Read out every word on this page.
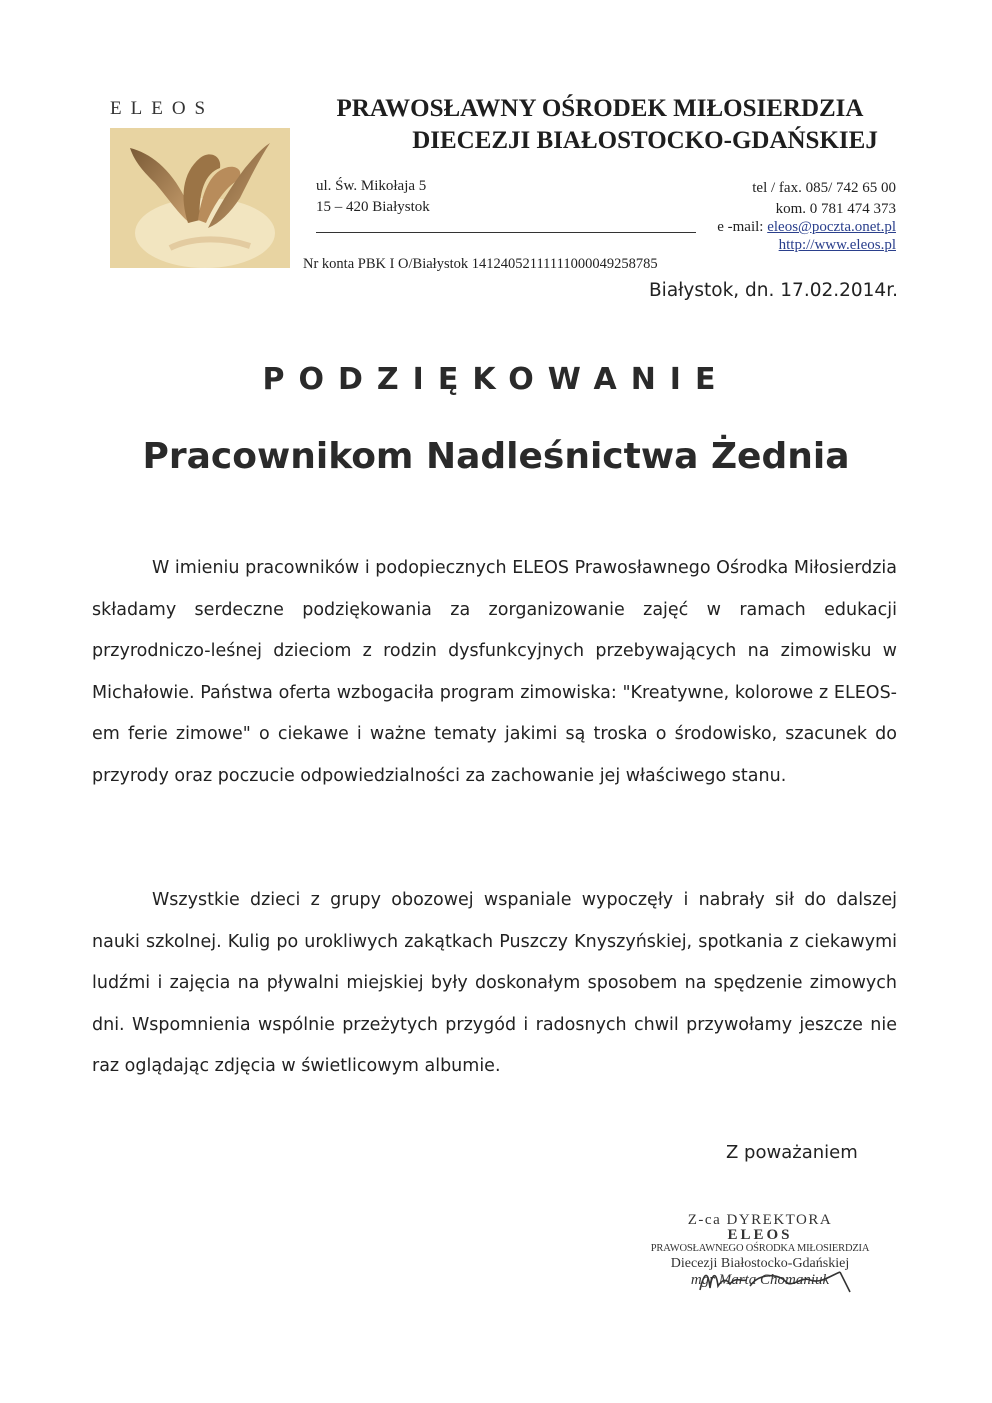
ELEOS	PRAWOSŁAWNY OŚRODEK MIŁOSIERDZIA
DIECEZJI BIAŁOSTOCKO-GDAŃSKIEJ
ul. Św. Mikołaja 5
15 – 420 Białystok
tel / fax. 085/ 742 65 00
kom. 0 781 474 373
e -mail: eleos@poczta.onet.pl
http://www.eleos.pl
Nr konta PBK I O/Białystok 14124052111111000049258785
Białystok, dn. 17.02.2014r.
PODZIĘKOWANIE
Pracownikom Nadleśnictwa Żednia
W imieniu pracowników i podopiecznych ELEOS Prawosławnego Ośrodka Miłosierdzia składamy serdeczne podziękowania za zorganizowanie zajęć w ramach edukacji przyrodniczo-leśnej dzieciom z rodzin dysfunkcyjnych przebywających na zimowisku w Michałowie. Państwa oferta wzbogaciła program zimowiska: "Kreatywne, kolorowe z ELEOS-em ferie zimowe" o ciekawe i ważne tematy jakimi są troska o środowisko, szacunek do przyrody oraz poczucie odpowiedzialności za zachowanie jej właściwego stanu.
Wszystkie dzieci z grupy obozowej wspaniale wypoczęły i nabrały sił do dalszej nauki szkolnej. Kulig po urokliwych zakątkach Puszczy Knyszyńskiej, spotkania z ciekawymi ludźmi i zajęcia na pływalni miejskiej były doskonałym sposobem na spędzenie zimowych dni. Wspomnienia wspólnie przeżytych przygód i radosnych chwil przywołamy jeszcze nie raz oglądając zdjęcia w świetlicowym albumie.
Z poważaniem
Z-ca DYREKTORA
ELEOS
PRAWOSŁAWNEGO OŚRODKA MIŁOSIERDZIA
Diecezji Białostocko-Gdańskiej
mgr Marta Chomaniuk
